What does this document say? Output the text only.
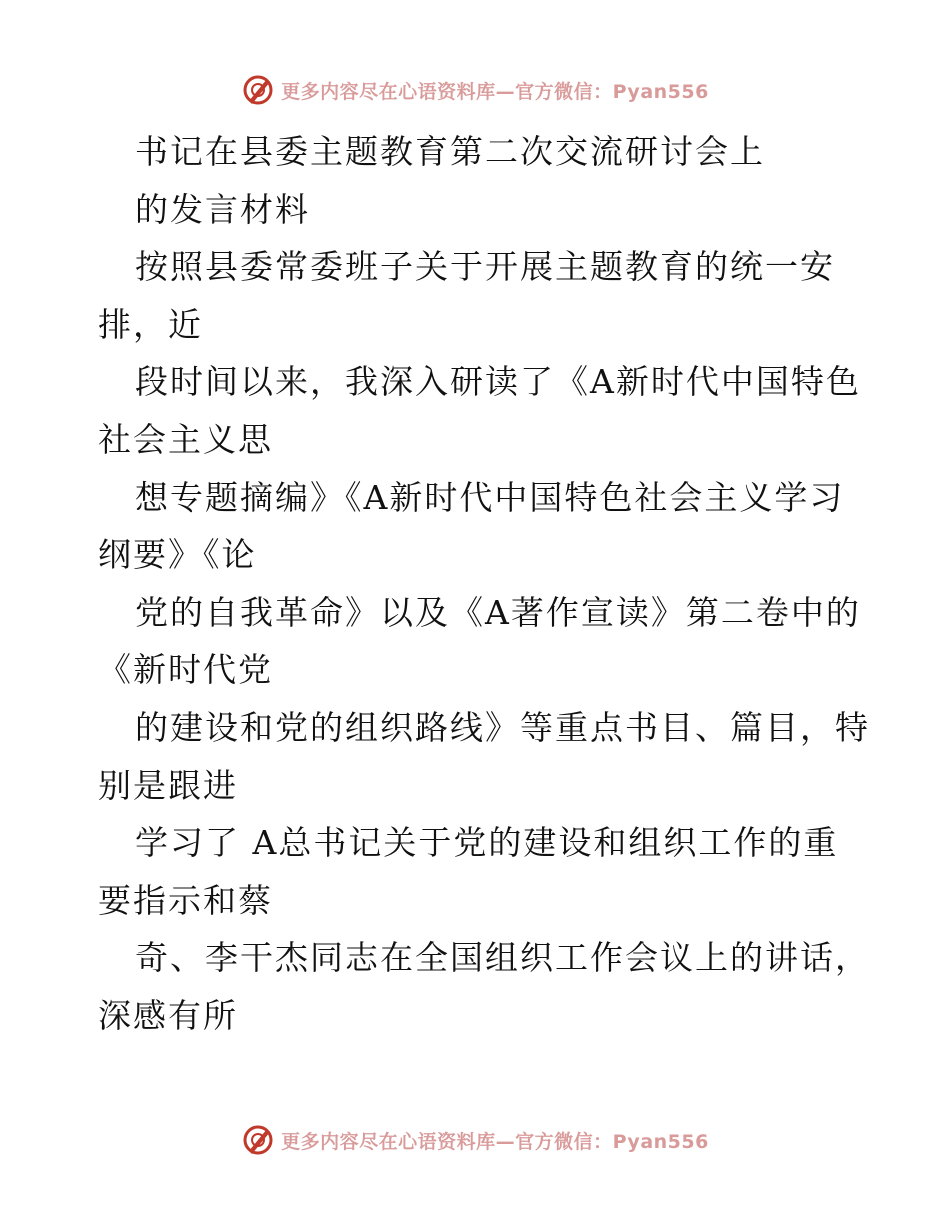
更多内容尽在心语资料库—官方微信：Pyan556
书记在县委主题教育第二次交流研讨会上
的发言材料
按照县委常委班子关于开展主题教育的统一安
排，近
段时间以来，我深入研读了《A新时代中国特色
社会主义思
想专题摘编》《A新时代中国特色社会主义学习
纲要》《论
党的自我革命》以及《A著作宣读》第二卷中的
《新时代党
的建设和党的组织路线》等重点书目、篇目，特
别是跟进
学习了 A总书记关于党的建设和组织工作的重
要指示和蔡
奇、李干杰同志在全国组织工作会议上的讲话，
深感有所
更多内容尽在心语资料库—官方微信：Pyan556
